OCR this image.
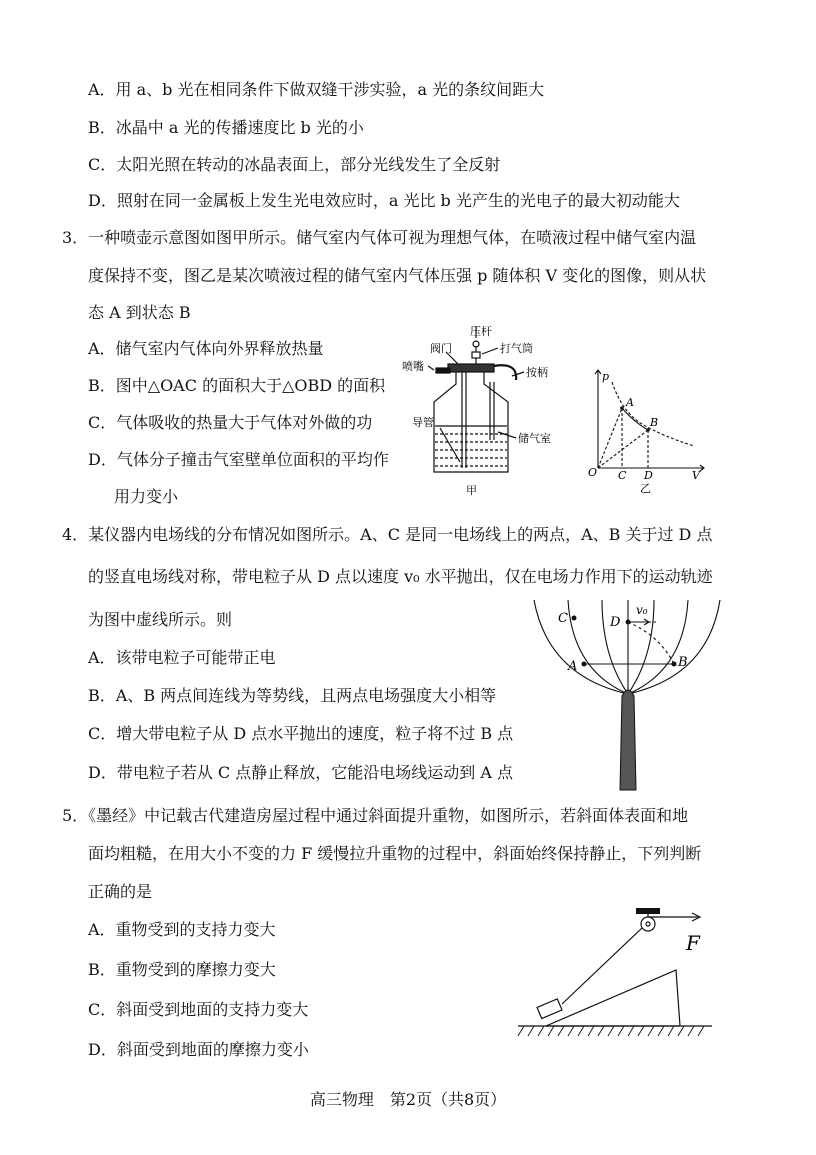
A．用 a、b 光在相同条件下做双缝干涉实验，a 光的条纹间距大
B．冰晶中 a 光的传播速度比 b 光的小
C．太阳光照在转动的冰晶表面上，部分光线发生了全反射
D．照射在同一金属板上发生光电效应时，a 光比 b 光产生的光电子的最大初动能大
3．一种喷壶示意图如图甲所示。储气室内气体可视为理想气体，在喷液过程中储气室内温
度保持不变，图乙是某次喷液过程的储气室内气体压强 p 随体积 V 变化的图像，则从状
态 A 到状态 B
A．储气室内气体向外界释放热量
B．图中△OAC 的面积大于△OBD 的面积
C．气体吸收的热量大于气体对外做的功
D．气体分子撞击气室壁单位面积的平均作
用力变小
压杆
阀门	打气筒
喷嘴	按柄
导管
储气室
甲
p
A
B
O C D	V
乙
4．某仪器内电场线的分布情况如图所示。A、C 是同一电场线上的两点，A、B 关于过 D 点
的竖直电场线对称，带电粒子从 D 点以速度 v₀ 水平抛出，仅在电场力作用下的运动轨迹
为图中虚线所示。则
A．该带电粒子可能带正电
B．A、B 两点间连线为等势线，且两点电场强度大小相等
C．增大带电粒子从 D 点水平抛出的速度，粒子将不过 B 点
D．带电粒子若从 C 点静止释放，它能沿电场线运动到 A 点
C	D
v₀
A	B
5．《墨经》中记载古代建造房屋过程中通过斜面提升重物，如图所示，若斜面体表面和地
面均粗糙，在用大小不变的力 F 缓慢拉升重物的过程中，斜面始终保持静止，下列判断
正确的是
A．重物受到的支持力变大
B．重物受到的摩擦力变大
C．斜面受到地面的支持力变大
D．斜面受到地面的摩擦力变小
F
高三物理　第2页（共8页）
